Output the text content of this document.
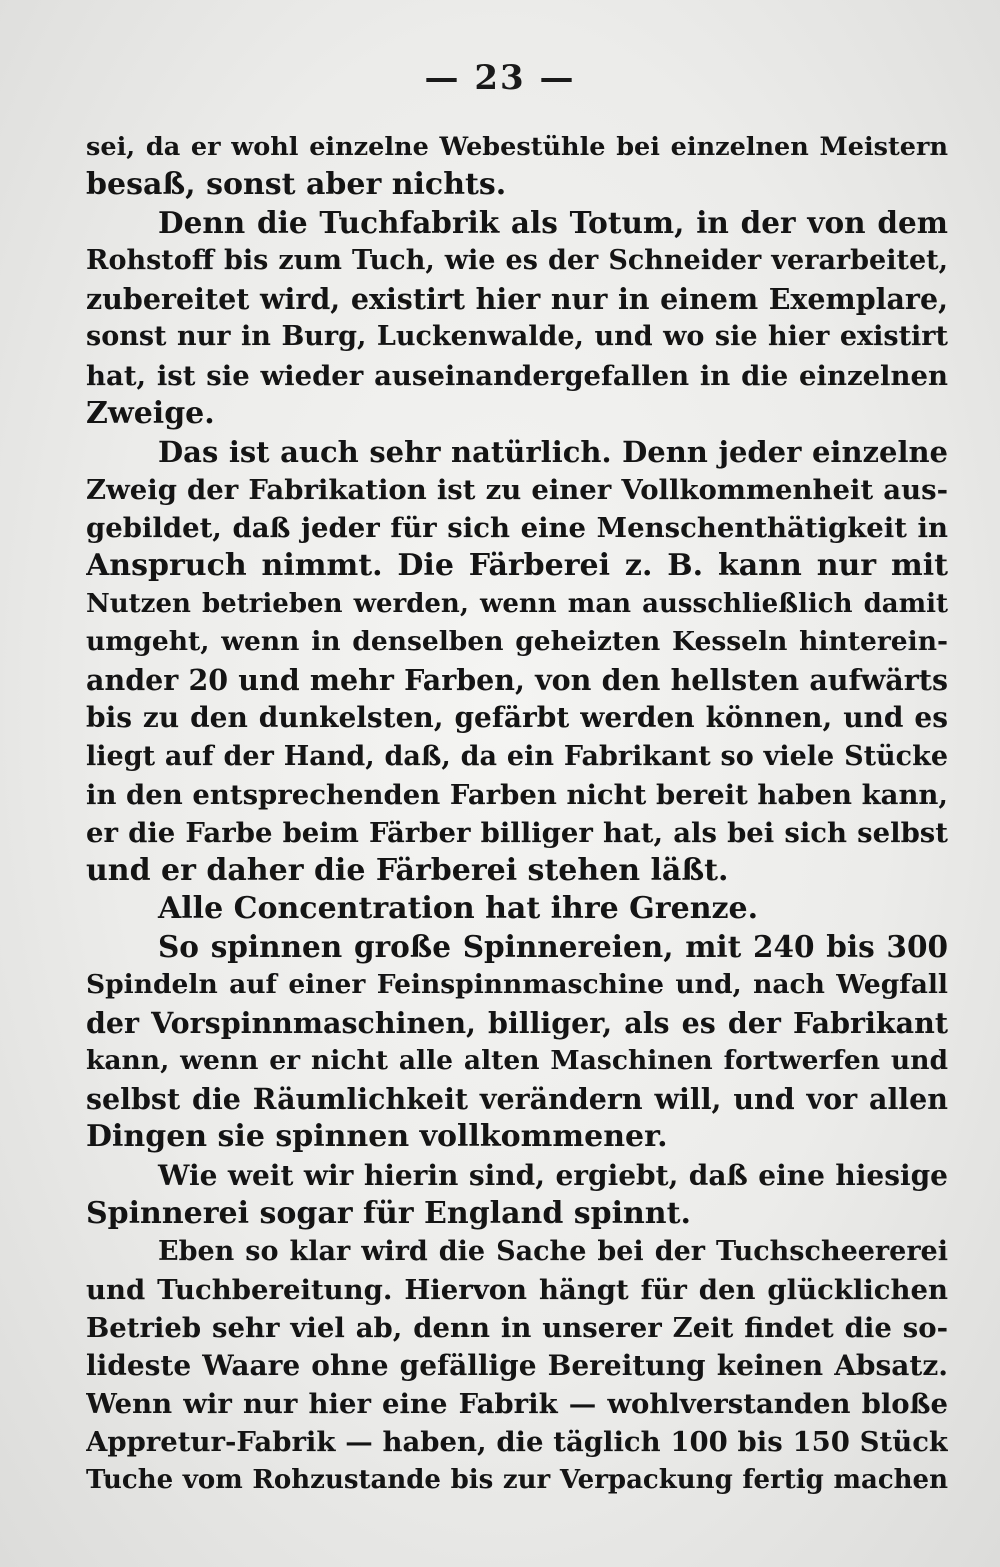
— 23 —
sei, da er wohl einzelne Webestühle bei einzelnen Meistern
besaß, sonst aber nichts.
Denn die Tuchfabrik als Totum, in der von dem
Rohstoff bis zum Tuch, wie es der Schneider verarbeitet,
zubereitet wird, existirt hier nur in einem Exemplare,
sonst nur in Burg, Luckenwalde, und wo sie hier existirt
hat, ist sie wieder auseinandergefallen in die einzelnen
Zweige.
Das ist auch sehr natürlich. Denn jeder einzelne
Zweig der Fabrikation ist zu einer Vollkommenheit aus-
gebildet, daß jeder für sich eine Menschenthätigkeit in
Anspruch nimmt. Die Färberei z. B. kann nur mit
Nutzen betrieben werden, wenn man ausschließlich damit
umgeht, wenn in denselben geheizten Kesseln hinterein-
ander 20 und mehr Farben, von den hellsten aufwärts
bis zu den dunkelsten, gefärbt werden können, und es
liegt auf der Hand, daß, da ein Fabrikant so viele Stücke
in den entsprechenden Farben nicht bereit haben kann,
er die Farbe beim Färber billiger hat, als bei sich selbst
und er daher die Färberei stehen läßt.
Alle Concentration hat ihre Grenze.
So spinnen große Spinnereien, mit 240 bis 300
Spindeln auf einer Feinspinnmaschine und, nach Wegfall
der Vorspinnmaschinen, billiger, als es der Fabrikant
kann, wenn er nicht alle alten Maschinen fortwerfen und
selbst die Räumlichkeit verändern will, und vor allen
Dingen sie spinnen vollkommener.
Wie weit wir hierin sind, ergiebt, daß eine hiesige
Spinnerei sogar für England spinnt.
Eben so klar wird die Sache bei der Tuchscheererei
und Tuchbereitung. Hiervon hängt für den glücklichen
Betrieb sehr viel ab, denn in unserer Zeit findet die so-
lideste Waare ohne gefällige Bereitung keinen Absatz.
Wenn wir nur hier eine Fabrik — wohlverstanden bloße
Appretur-Fabrik — haben, die täglich 100 bis 150 Stück
Tuche vom Rohzustande bis zur Verpackung fertig machen
